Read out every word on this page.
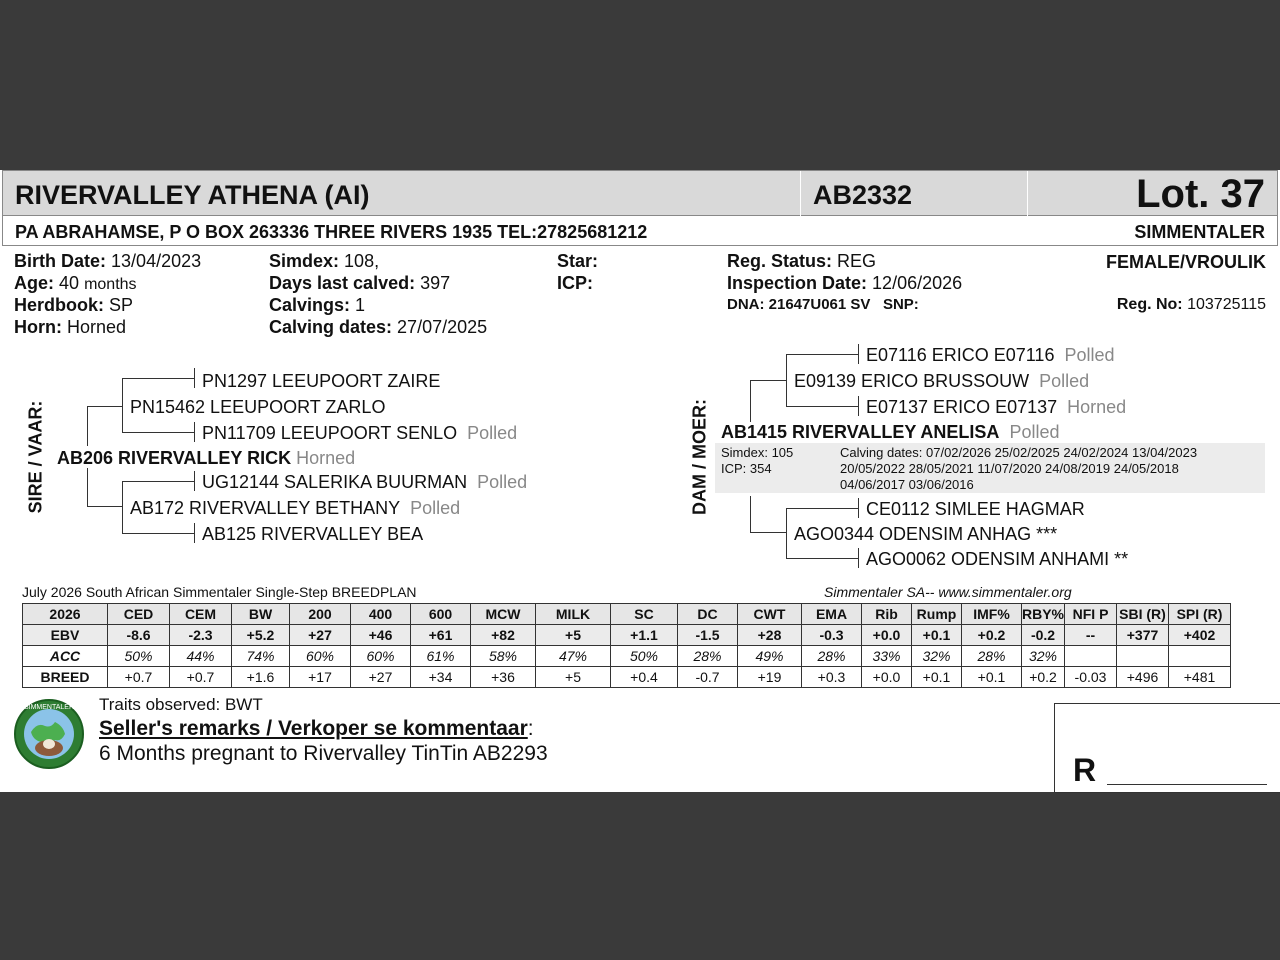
RIVERVALLEY ATHENA (AI)	AB2332	Lot. 37
PA ABRAHAMSE, P O BOX 263336 THREE RIVERS 1935 TEL:27825681212	SIMMENTALER
Birth Date: 13/04/2023
Age: 40 months
Herdbook: SP
Horn: Horned
Simdex: 108,
Days last calved: 397
Calvings: 1
Calving dates: 27/07/2025
Star:
ICP:
Reg. Status: REG
Inspection Date: 12/06/2026
DNA: 21647U061 SV SNP:
FEMALE/VROULIK
Reg. No: 103725115
SIRE / VAAR:
PN1297 LEEUPOORT ZAIRE
PN15462 LEEUPOORT ZARLO
PN11709 LEEUPOORT SENLO Polled
AB206 RIVERVALLEY RICK Horned
UG12144 SALERIKA BUURMAN Polled
AB172 RIVERVALLEY BETHANY Polled
AB125 RIVERVALLEY BEA
DAM / MOER:
E07116 ERICO E07116 Polled
E09139 ERICO BRUSSOUW Polled
E07137 ERICO E07137 Horned
AB1415 RIVERVALLEY ANELISA Polled
Simdex: 105
ICP: 354
Calving dates: 07/02/2026 25/02/2025 24/02/2024 13/04/2023
20/05/2022 28/05/2021 11/07/2020 24/08/2019 24/05/2018
04/06/2017 03/06/2016
CE0112 SIMLEE HAGMAR
AGO0344 ODENSIM ANHAG ***
AGO0062 ODENSIM ANHAMI **
July 2026 South African Simmentaler Single-Step BREEDPLAN	Simmentaler SA-- www.simmentaler.org
2026	CED	CEM	BW	200	400	600	MCW	MILK	SC	DC	CWT	EMA	Rib	Rump	IMF%	RBY%	NFI P	SBI (R)	SPI (R)
EBV	-8.6	-2.3	+5.2	+27	+46	+61	+82	+5	+1.1	-1.5	+28	-0.3	+0.0	+0.1	+0.2	-0.2	--	+377	+402
ACC	50%	44%	74%	60%	60%	61%	58%	47%	50%	28%	49%	28%	33%	32%	28%	32%			
BREED	+0.7	+0.7	+1.6	+17	+27	+34	+36	+5	+0.4	-0.7	+19	+0.3	+0.0	+0.1	+0.1	+0.2	-0.03	+496	+481
SIMMENTALER Traits observed: BWT
Seller's remarks / Verkoper se kommentaar:
6 Months pregnant to Rivervalley TinTin AB2293	R
